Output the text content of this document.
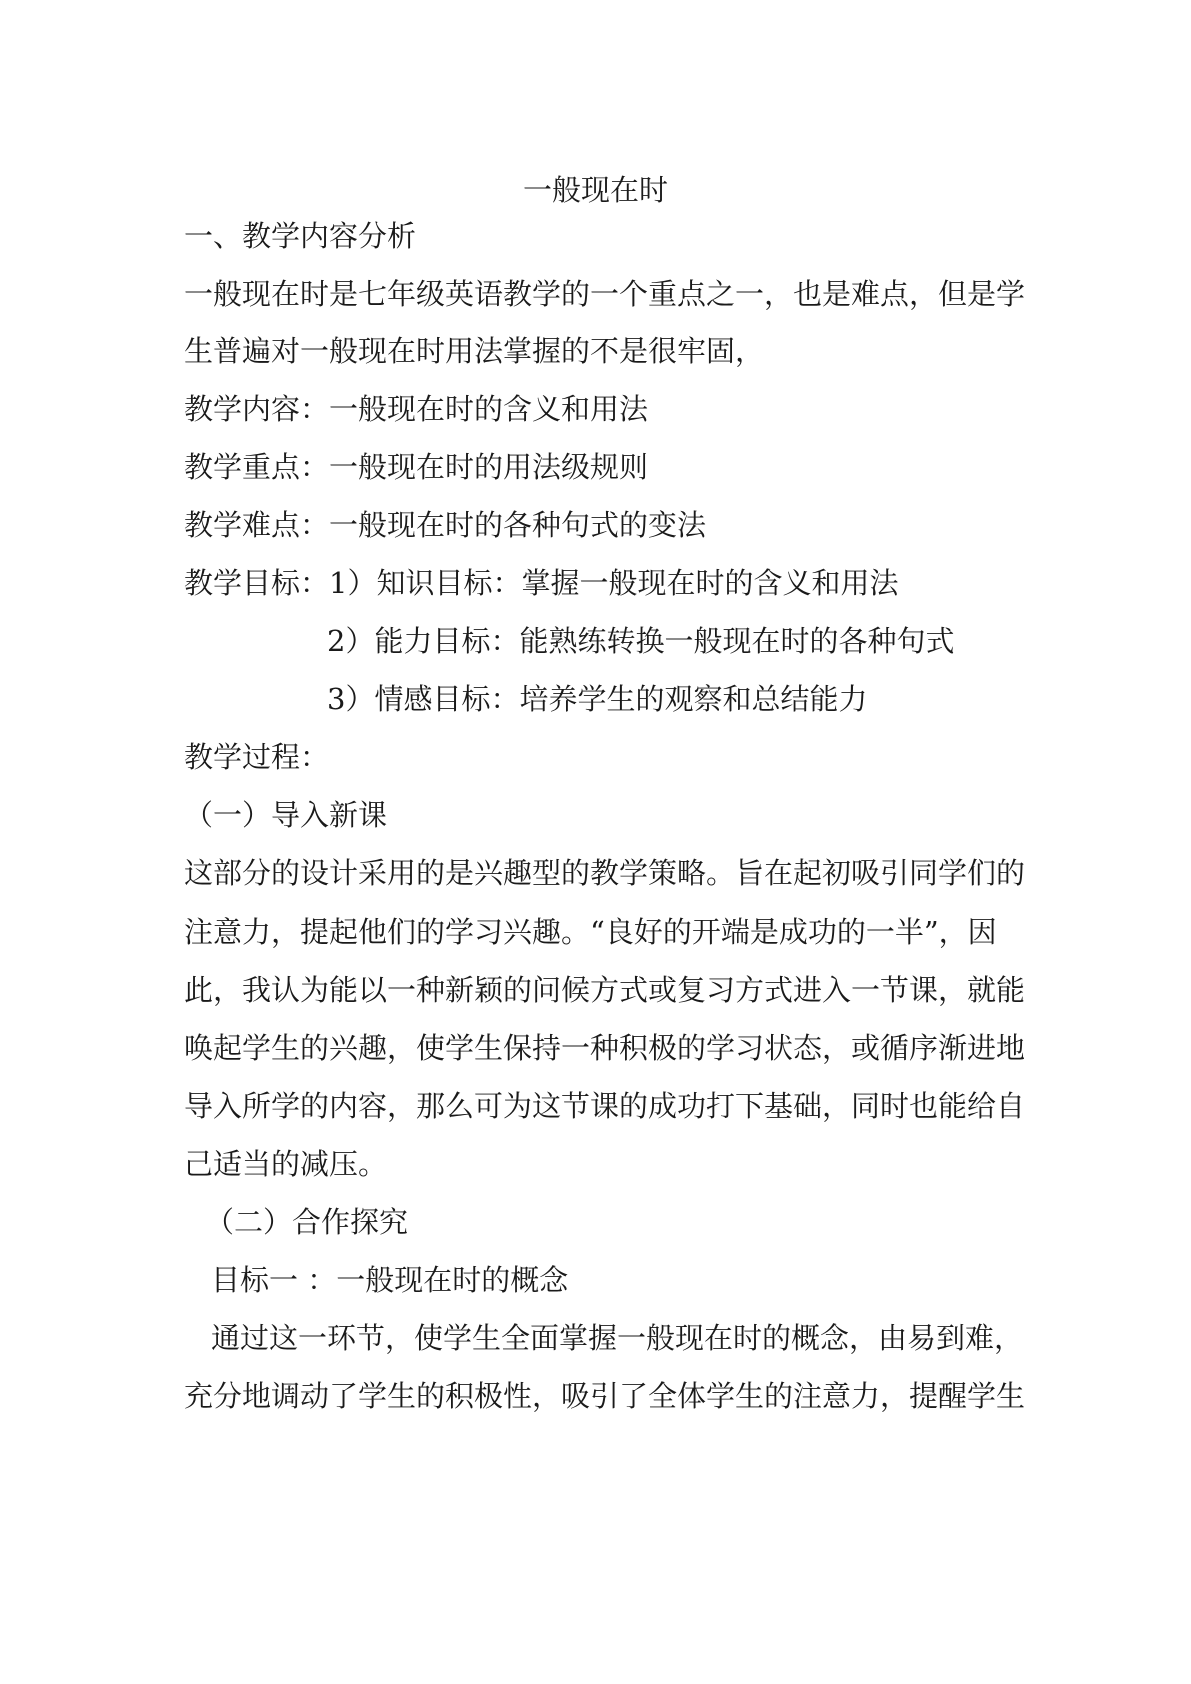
一般现在时
一、教学内容分析
一般现在时是七年级英语教学的一个重点之一，也是难点，但是学
生普遍对一般现在时用法掌握的不是很牢固，
教学内容：一般现在时的含义和用法
教学重点：一般现在时的用法级规则
教学难点：一般现在时的各种句式的变法
教学目标：1）知识目标：掌握一般现在时的含义和用法
2）能力目标：能熟练转换一般现在时的各种句式
3）情感目标：培养学生的观察和总结能力
教学过程：
（一）导入新课
这部分的设计采用的是兴趣型的教学策略。旨在起初吸引同学们的
注意力，提起他们的学习兴趣。“良好的开端是成功的一半”，因
此，我认为能以一种新颖的问候方式或复习方式进入一节课，就能
唤起学生的兴趣，使学生保持一种积极的学习状态，或循序渐进地
导入所学的内容，那么可为这节课的成功打下基础，同时也能给自
己适当的减压。
（二）合作探究
目标一 ：一般现在时的概念
通过这一环节，使学生全面掌握一般现在时的概念，由易到难，
充分地调动了学生的积极性，吸引了全体学生的注意力，提醒学生
